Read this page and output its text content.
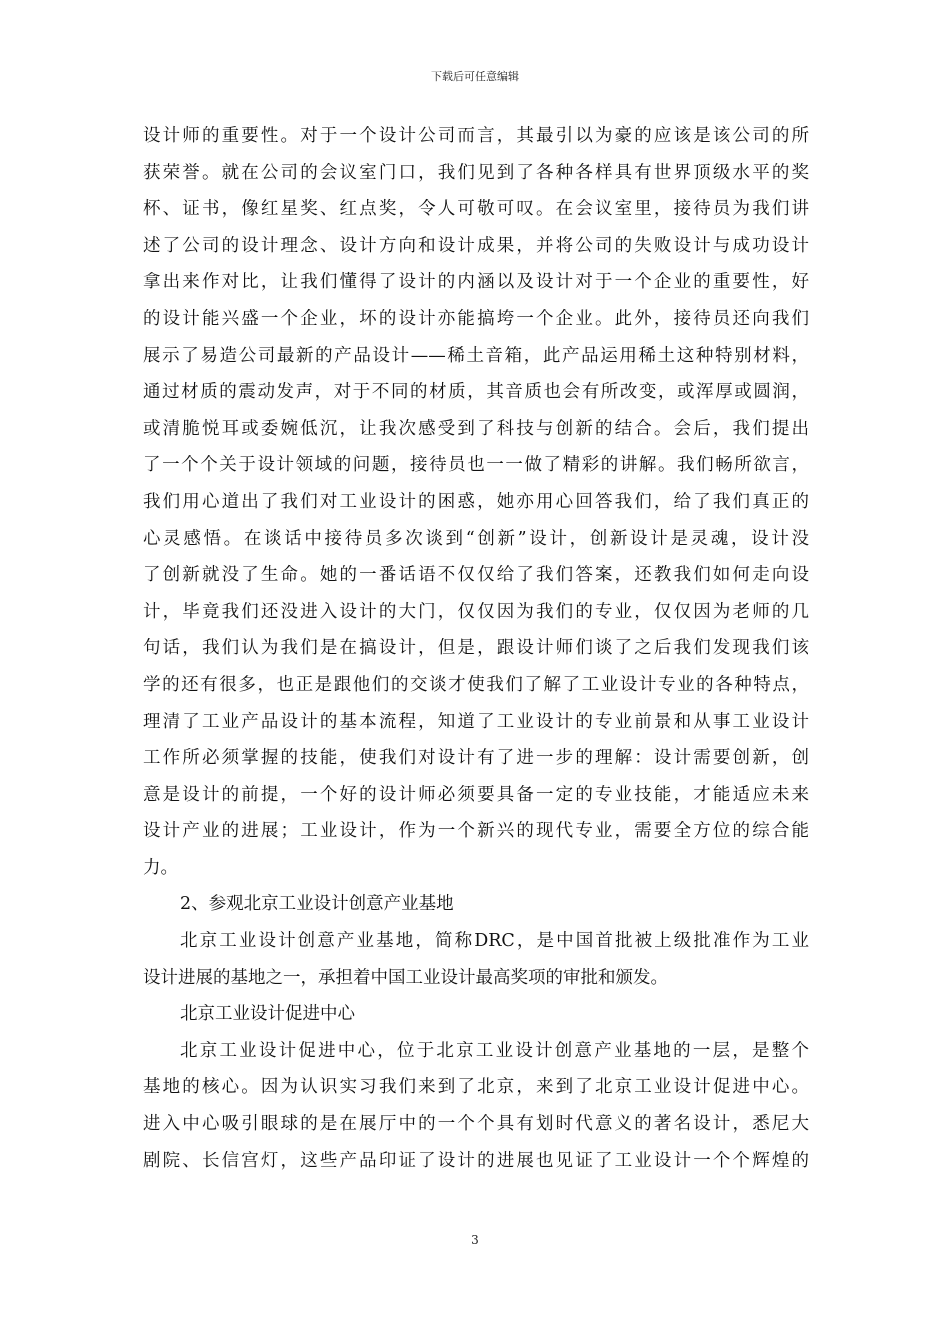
下载后可任意编辑
设计师的重要性。对于一个设计公司而言，其最引以为豪的应该是该公司的所
获荣誉。就在公司的会议室门口，我们见到了各种各样具有世界顶级水平的奖
杯、证书，像红星奖、红点奖，令人可敬可叹。在会议室里，接待员为我们讲
述了公司的设计理念、设计方向和设计成果，并将公司的失败设计与成功设计
拿出来作对比，让我们懂得了设计的内涵以及设计对于一个企业的重要性，好
的设计能兴盛一个企业，坏的设计亦能搞垮一个企业。此外，接待员还向我们
展示了易造公司最新的产品设计——稀土音箱，此产品运用稀土这种特别材料，
通过材质的震动发声，对于不同的材质，其音质也会有所改变，或浑厚或圆润，
或清脆悦耳或委婉低沉，让我次感受到了科技与创新的结合。会后，我们提出
了一个个关于设计领域的问题，接待员也一一做了精彩的讲解。我们畅所欲言，
我们用心道出了我们对工业设计的困惑，她亦用心回答我们，给了我们真正的
心灵感悟。在谈话中接待员多次谈到“创新”设计，创新设计是灵魂，设计没
了创新就没了生命。她的一番话语不仅仅给了我们答案，还教我们如何走向设
计，毕竟我们还没进入设计的大门，仅仅因为我们的专业，仅仅因为老师的几
句话，我们认为我们是在搞设计，但是，跟设计师们谈了之后我们发现我们该
学的还有很多，也正是跟他们的交谈才使我们了解了工业设计专业的各种特点，
理清了工业产品设计的基本流程，知道了工业设计的专业前景和从事工业设计
工作所必须掌握的技能，使我们对设计有了进一步的理解：设计需要创新，创
意是设计的前提，一个好的设计师必须要具备一定的专业技能，才能适应未来
设计产业的进展；工业设计，作为一个新兴的现代专业，需要全方位的综合能
力。
2、参观北京工业设计创意产业基地
北京工业设计创意产业基地，简称DRC，是中国首批被上级批准作为工业
设计进展的基地之一，承担着中国工业设计最高奖项的审批和颁发。
北京工业设计促进中心
北京工业设计促进中心，位于北京工业设计创意产业基地的一层，是整个
基地的核心。因为认识实习我们来到了北京，来到了北京工业设计促进中心。
进入中心吸引眼球的是在展厅中的一个个具有划时代意义的著名设计，悉尼大
剧院、长信宫灯，这些产品印证了设计的进展也见证了工业设计一个个辉煌的
3
